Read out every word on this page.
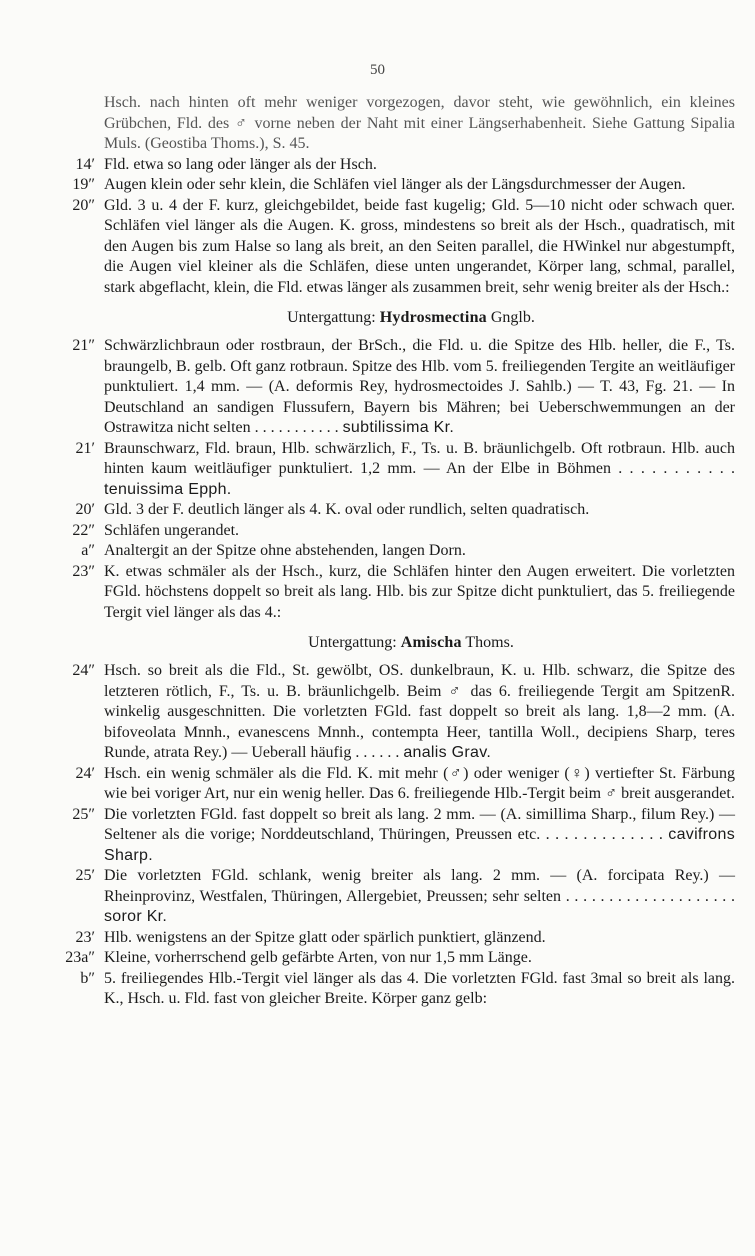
50

Hsch. nach hinten oft mehr weniger vorgezogen, davor steht, wie gewöhnlich, ein kleines Grübchen, Fld. des ♂ vorne neben der Naht mit einer Längserhabenheit. Siehe Gattung Sipalia Muls. (Geostiba Thoms.), S. 45.

14′ Fld. etwa so lang oder länger als der Hsch.

19″ Augen klein oder sehr klein, die Schläfen viel länger als der Längsdurchmesser der Augen.

20″ Gld. 3 u. 4 der F. kurz, gleichgebildet, beide fast kugelig; Gld. 5—10 nicht oder schwach quer. Schläfen viel länger als die Augen. K. gross, mindestens so breit als der Hsch., quadratisch, mit den Augen bis zum Halse so lang als breit, an den Seiten parallel, die HWinkel nur abgestumpft, die Augen viel kleiner als die Schläfen, diese unten ungerandet, Körper lang, schmal, parallel, stark abgeflacht, klein, die Fld. etwas länger als zusammen breit, sehr wenig breiter als der Hsch.:

Untergattung: Hydrosmectina Gnglb.

21″ Schwärzlichbraun oder rostbraun, der BrSch., die Fld. u. die Spitze des Hlb. heller, die F., Ts. braungelb, B. gelb. Oft ganz rotbraun. Spitze des Hlb. vom 5. freiliegenden Tergite an weitläufiger punktuliert. 1,4 mm. — (A. deformis Rey, hydrosmectoides J. Sahlb.) — T. 43, Fg. 21. — In Deutschland an sandigen Flussufern, Bayern bis Mähren; bei Ueberschwemmungen an der Ostrawitza nicht selten . . . . . . . . . . . subtilissima Kr.

21′ Braunschwarz, Fld. braun, Hlb. schwärzlich, F., Ts. u. B. bräunlichgelb. Oft rotbraun. Hlb. auch hinten kaum weitläufiger punktuliert. 1,2 mm. — An der Elbe in Böhmen . . . . . . . . . . . tenuissima Epph.

20′ Gld. 3 der F. deutlich länger als 4. K. oval oder rundlich, selten quadratisch.

22″ Schläfen ungerandet.

a″ Analtergit an der Spitze ohne abstehenden, langen Dorn.

23″ K. etwas schmäler als der Hsch., kurz, die Schläfen hinter den Augen erweitert. Die vorletzten FGld. höchstens doppelt so breit als lang. Hlb. bis zur Spitze dicht punktuliert, das 5. freiliegende Tergit viel länger als das 4.:

Untergattung: Amischa Thoms.

24″ Hsch. so breit als die Fld., St. gewölbt, OS. dunkelbraun, K. u. Hlb. schwarz, die Spitze des letzteren rötlich, F., Ts. u. B. bräunlichgelb. Beim ♂ das 6. freiliegende Tergit am SpitzenR. winkelig ausgeschnitten. Die vorletzten FGld. fast doppelt so breit als lang. 1,8—2 mm. (A. bifoveolata Mnnh., evanescens Mnnh., contempta Heer, tantilla Woll., decipiens Sharp, teres Runde, atrata Rey.) — Ueberall häufig . . . . . . analis Grav.

24′ Hsch. ein wenig schmäler als die Fld. K. mit mehr (♂) oder weniger (♀) vertiefter St. Färbung wie bei voriger Art, nur ein wenig heller. Das 6. freiliegende Hlb.-Tergit beim ♂ breit ausgerandet.

25″ Die vorletzten FGld. fast doppelt so breit als lang. 2 mm. — (A. simillima Sharp., filum Rey.) — Seltener als die vorige; Norddeutschland, Thüringen, Preussen etc. . . . . . . . . . . . . . cavifrons Sharp.

25′ Die vorletzten FGld. schlank, wenig breiter als lang. 2 mm. — (A. forcipata Rey.) — Rheinprovinz, Westfalen, Thüringen, Allergebiet, Preussen; sehr selten . . . . . . . . . . . . . . . . . . . . soror Kr.

23′ Hlb. wenigstens an der Spitze glatt oder spärlich punktiert, glänzend.

23a″ Kleine, vorherrschend gelb gefärbte Arten, von nur 1,5 mm Länge.

b″ 5. freiliegendes Hlb.-Tergit viel länger als das 4. Die vorletzten FGld. fast 3mal so breit als lang. K., Hsch. u. Fld. fast von gleicher Breite. Körper ganz gelb:
